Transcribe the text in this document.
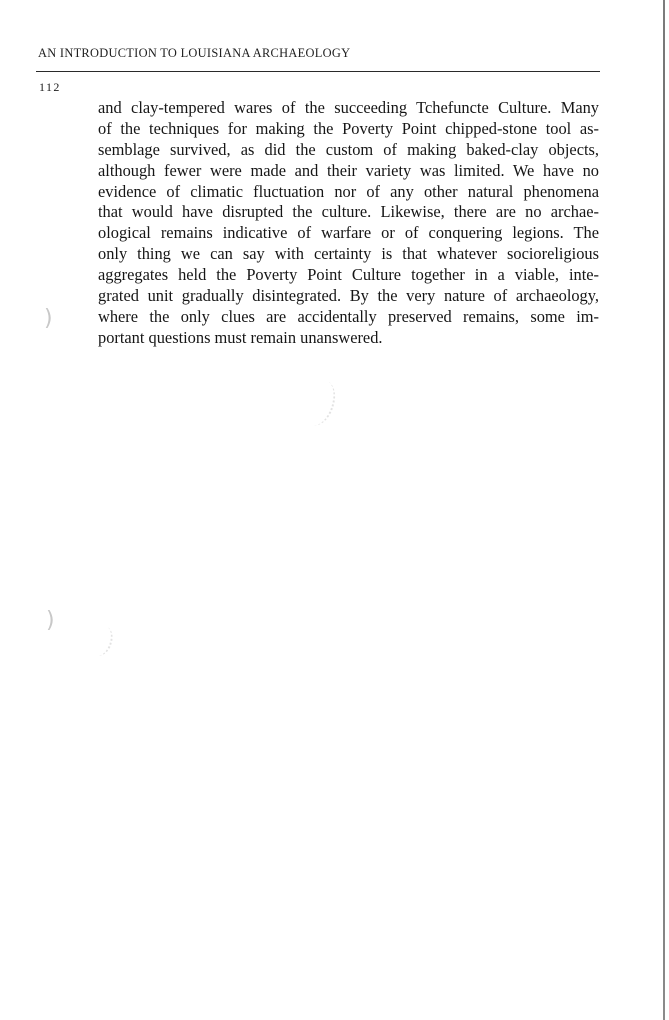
AN INTRODUCTION TO LOUISIANA ARCHAEOLOGY
112
and clay-tempered wares of the succeeding Tchefuncte Culture. Many
of the techniques for making the Poverty Point chipped-stone tool as-
semblage survived, as did the custom of making baked-clay objects,
although fewer were made and their variety was limited. We have no
evidence of climatic fluctuation nor of any other natural phenomena
that would have disrupted the culture. Likewise, there are no archae-
ological remains indicative of warfare or of conquering legions. The
only thing we can say with certainty is that whatever socioreligious
aggregates held the Poverty Point Culture together in a viable, inte-
grated unit gradually disintegrated. By the very nature of archaeology,
where the only clues are accidentally preserved remains, some im-
portant questions must remain unanswered.
)
)
